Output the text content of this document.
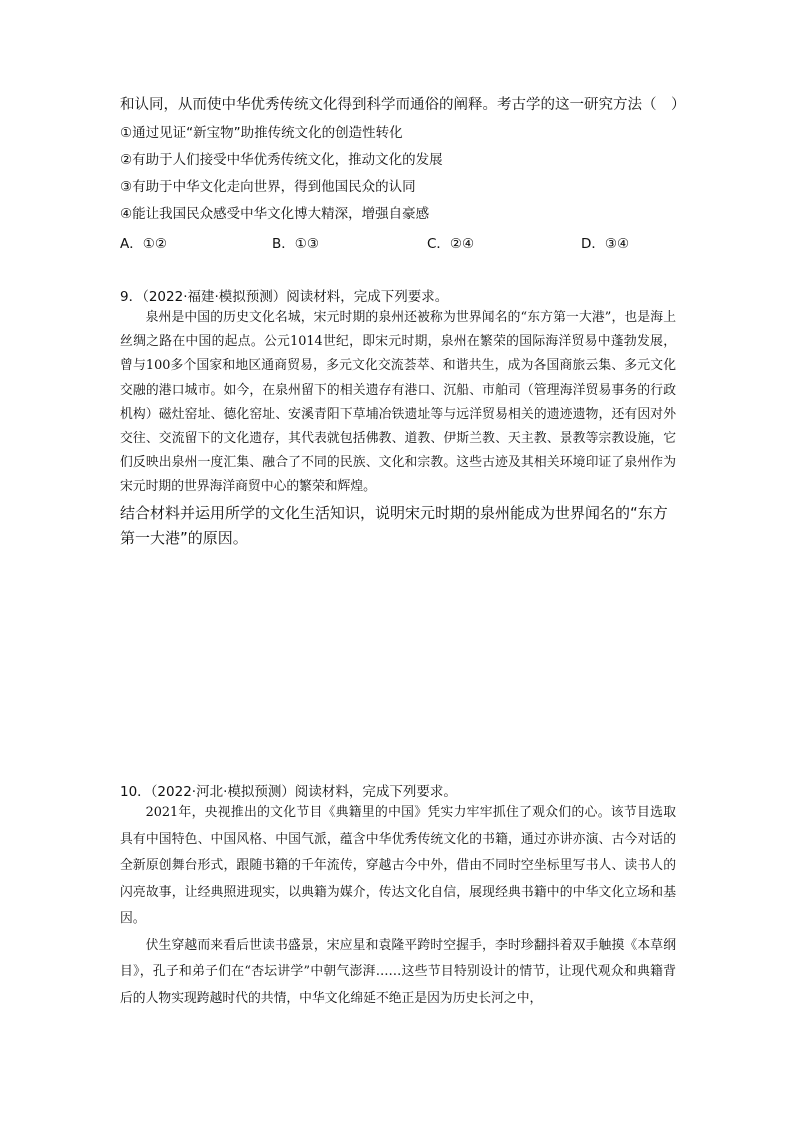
和认同，从而使中华优秀传统文化得到科学而通俗的阐释。考古学的这一研究方法（　）
①通过见证“新宝物”助推传统文化的创造性转化
②有助于人们接受中华优秀传统文化，推动文化的发展
③有助于中华文化走向世界，得到他国民众的认同
④能让我国民众感受中华文化博大精深，增强自豪感
A．①②	B．①③	C．②④	D．③④
9．（2022·福建·模拟预测）阅读材料，完成下列要求。

泉州是中国的历史文化名城，宋元时期的泉州还被称为世界闻名的“东方第一大港”，也是海上丝绸之路在中国的起点。公元1014世纪，即宋元时期，泉州在繁荣的国际海洋贸易中蓬勃发展，曾与100多个国家和地区通商贸易，多元文化交流荟萃、和谐共生，成为各国商旅云集、多元文化交融的港口城市。如今，在泉州留下的相关遗存有港口、沉船、市舶司（管理海洋贸易事务的行政机构）磁灶窑址、德化窑址、安溪青阳下草埔冶铁遗址等与远洋贸易相关的遗迹遗物，还有因对外交往、交流留下的文化遗存，其代表就包括佛教、道教、伊斯兰教、天主教、景教等宗教设施，它们反映出泉州一度汇集、融合了不同的民族、文化和宗教。这些古迹及其相关环境印证了泉州作为宋元时期的世界海洋商贸中心的繁荣和辉煌。

结合材料并运用所学的文化生活知识，说明宋元时期的泉州能成为世界闻名的“东方第一大港”的原因。
10．（2022·河北·模拟预测）阅读材料，完成下列要求。

2021年，央视推出的文化节目《典籍里的中国》凭实力牢牢抓住了观众们的心。该节目选取具有中国特色、中国风格、中国气派，蕴含中华优秀传统文化的书籍，通过亦讲亦演、古今对话的全新原创舞台形式，跟随书籍的千年流传，穿越古今中外，借由不同时空坐标里写书人、读书人的闪亮故事，让经典照进现实，以典籍为媒介，传达文化自信，展现经典书籍中的中华文化立场和基因。

伏生穿越而来看后世读书盛景，宋应星和袁隆平跨时空握手，李时珍翻抖着双手触摸《本草纲目》，孔子和弟子们在“杏坛讲学”中朝气澎湃……这些节目特别设计的情节，让现代观众和典籍背后的人物实现跨越时代的共情，中华文化绵延不绝正是因为历史长河之中，
